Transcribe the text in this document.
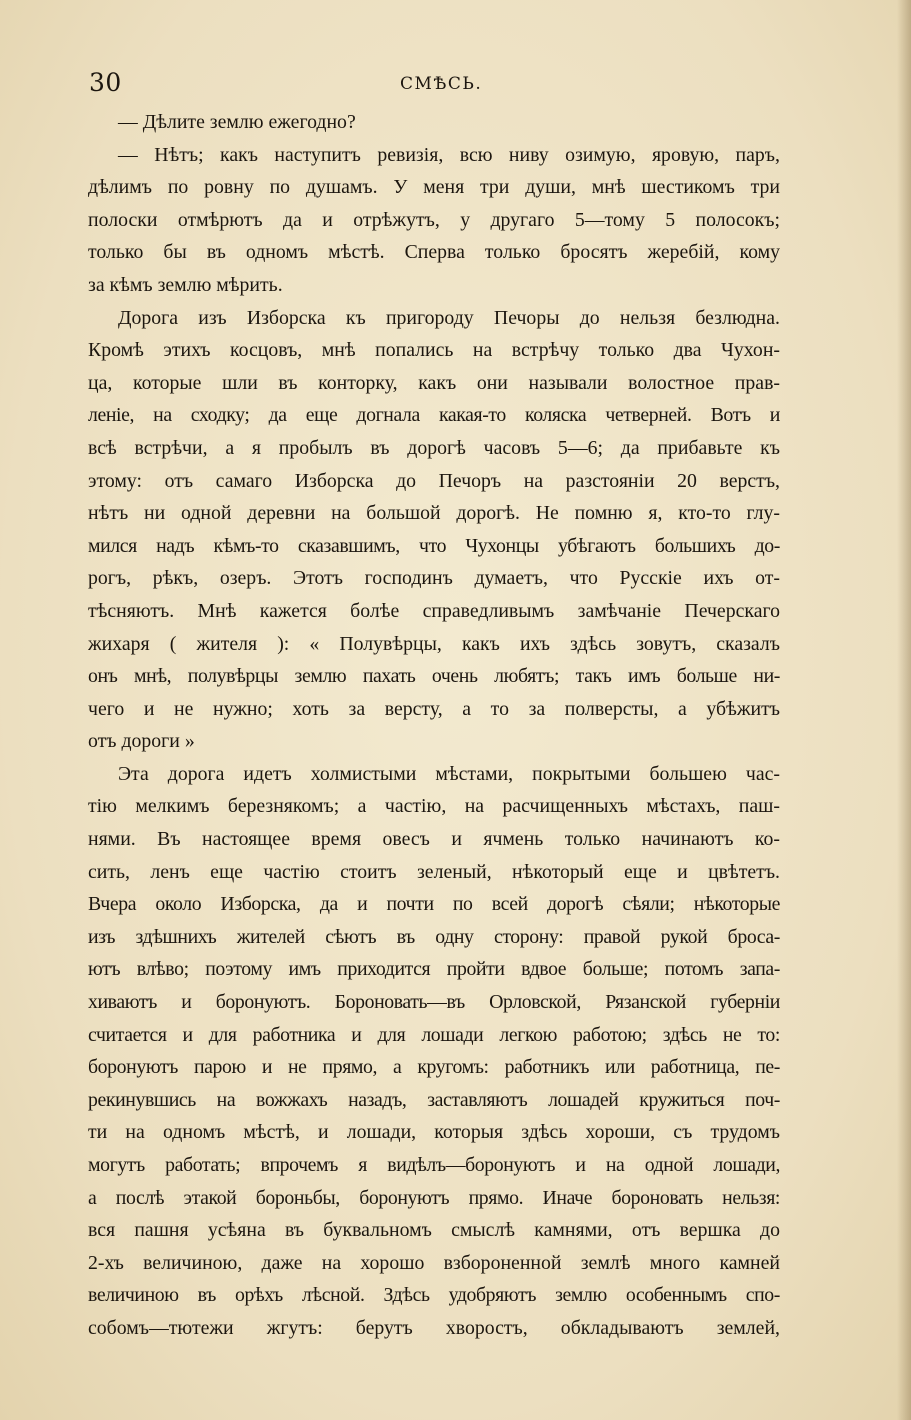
30	СМѢСЬ.
— Дѣлите землю ежегодно?
— Нѣтъ; какъ наступитъ ревизія, всю ниву озимую, яровую, паръ,
дѣлимъ по ровну по душамъ. У меня три души, мнѣ шестикомъ три
полоски отмѣрютъ да и отрѣжутъ, у другаго 5—тому 5 полосокъ;
только бы въ одномъ мѣстѣ. Сперва только бросятъ жеребій, кому
за кѣмъ землю мѣрить.
Дорога изъ Изборска къ пригороду Печоры до нельзя безлюдна.
Кромѣ этихъ косцовъ, мнѣ попались на встрѣчу только два Чухон-
ца, которые шли въ конторку, какъ они называли волостное прав-
леніе, на сходку; да еще догнала какая-то коляска четверней. Вотъ и
всѣ встрѣчи, а я пробылъ въ дорогѣ часовъ 5—6; да прибавьте къ
этому: отъ самаго Изборска до Печоръ на разстояніи 20 верстъ,
нѣтъ ни одной деревни на большой дорогѣ. Не помню я, кто-то глу-
мился надъ кѣмъ-то сказавшимъ, что Чухонцы убѣгаютъ большихъ до-
рогъ, рѣкъ, озеръ. Этотъ господинъ думаетъ, что Русскіе ихъ от-
тѣсняютъ. Мнѣ кажется болѣе справедливымъ замѣчаніе Печерскаго
жихаря ( жителя ): « Полувѣрцы, какъ ихъ здѣсь зовутъ, сказалъ
онъ мнѣ, полувѣрцы землю пахать очень любятъ; такъ имъ больше ни-
чего и не нужно; хоть за версту, а то за полверсты, а убѣжитъ
отъ дороги »
Эта дорога идетъ холмистыми мѣстами, покрытыми большею час-
тію мелкимъ березнякомъ; а частію, на расчищенныхъ мѣстахъ, паш-
нями. Въ настоящее время овесъ и ячмень только начинаютъ ко-
сить, ленъ еще частію стоитъ зеленый, нѣкоторый еще и цвѣтетъ.
Вчера около Изборска, да и почти по всей дорогѣ сѣяли; нѣкоторые
изъ здѣшнихъ жителей сѣютъ въ одну сторону: правой рукой броса-
ютъ влѣво; поэтому имъ приходится пройти вдвое больше; потомъ запа-
хиваютъ и боронуютъ. Бороновать—въ Орловской, Рязанской губерніи
считается и для работника и для лошади легкою работою; здѣсь не то:
боронуютъ парою и не прямо, а кругомъ: работникъ или работница, пе-
рекинувшись на вожжахъ назадъ, заставляютъ лошадей кружиться поч-
ти на одномъ мѣстѣ, и лошади, которыя здѣсь хороши, съ трудомъ
могутъ работать; впрочемъ я видѣлъ—боронуютъ и на одной лошади,
а послѣ этакой бороньбы, боронуютъ прямо. Иначе бороновать нельзя:
вся пашня усѣяна въ буквальномъ смыслѣ камнями, отъ вершка до
2-хъ величиною, даже на хорошо взбороненной землѣ много камней
величиною въ орѣхъ лѣсной. Здѣсь удобряютъ землю особеннымъ спо-
собомъ—тютежи жгутъ: берутъ хворостъ, обкладываютъ землей,
